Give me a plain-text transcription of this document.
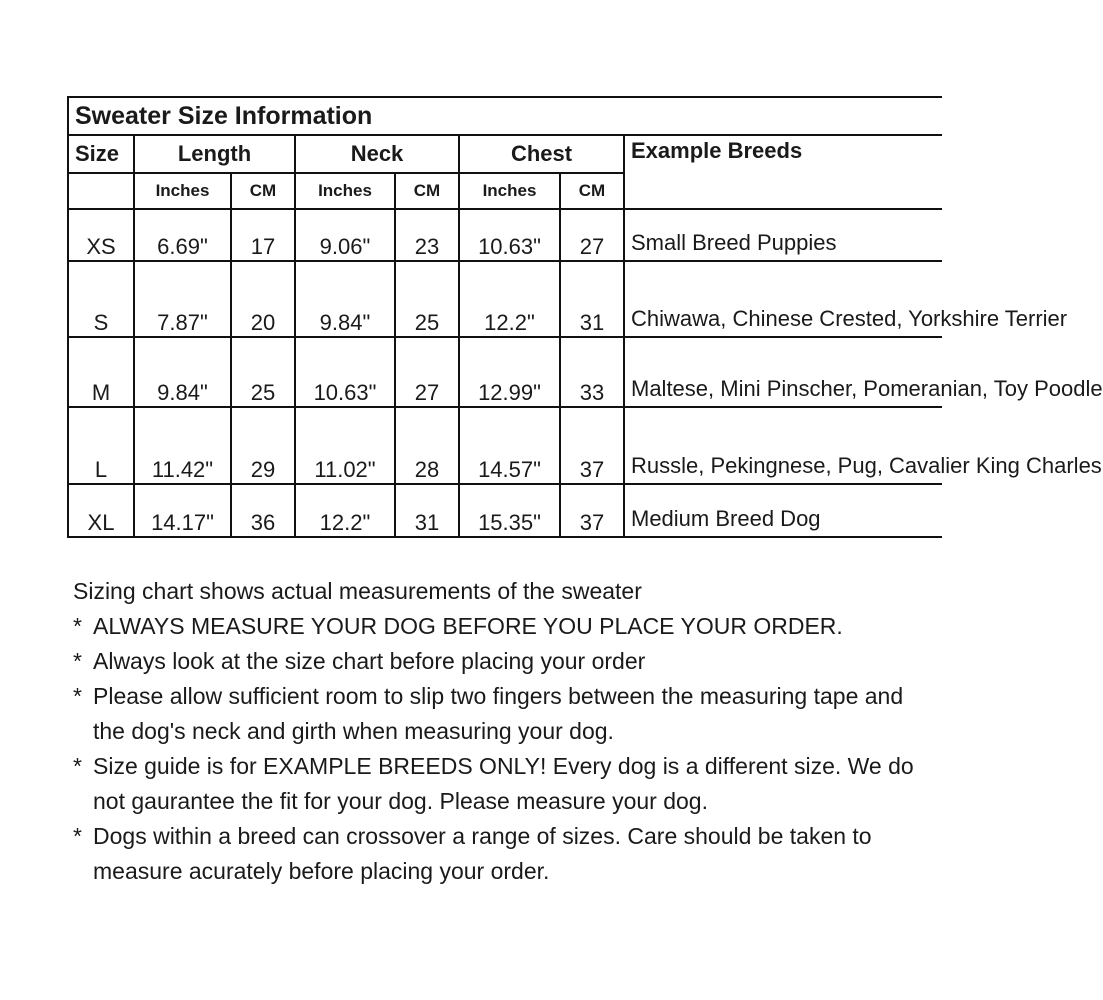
Sweater Size Information							
Size	Length		Neck		Chest		Example Breeds
	Inches	CM	Inches	CM	Inches	CM	
XS	6.69"	17	9.06"	23	10.63"	27	Small Breed Puppies
S	7.87"	20	9.84"	25	12.2"	31	Chiwawa, Chinese Crested, Yorkshire Terrier
M	9.84"	25	10.63"	27	12.99"	33	Maltese, Mini Pinscher, Pomeranian, Toy Poodle
L	11.42"	29	11.02"	28	14.57"	37	Russle, Pekingnese, Pug, Cavalier King Charles
XL	14.17"	36	12.2"	31	15.35"	37	Medium Breed Dog

Sizing chart shows actual measurements of the sweater

* ALWAYS MEASURE YOUR DOG BEFORE YOU PLACE YOUR ORDER.
* Always look at the size chart before placing your order
* Please allow sufficient room to slip two fingers between the measuring tape and the dog's neck and girth when measuring your dog.
* Size guide is for EXAMPLE BREEDS ONLY! Every dog is a different size. We do not gaurantee the fit for your dog. Please measure your dog.
* Dogs within a breed can crossover a range of sizes. Care should be taken to measure acurately before placing your order.
